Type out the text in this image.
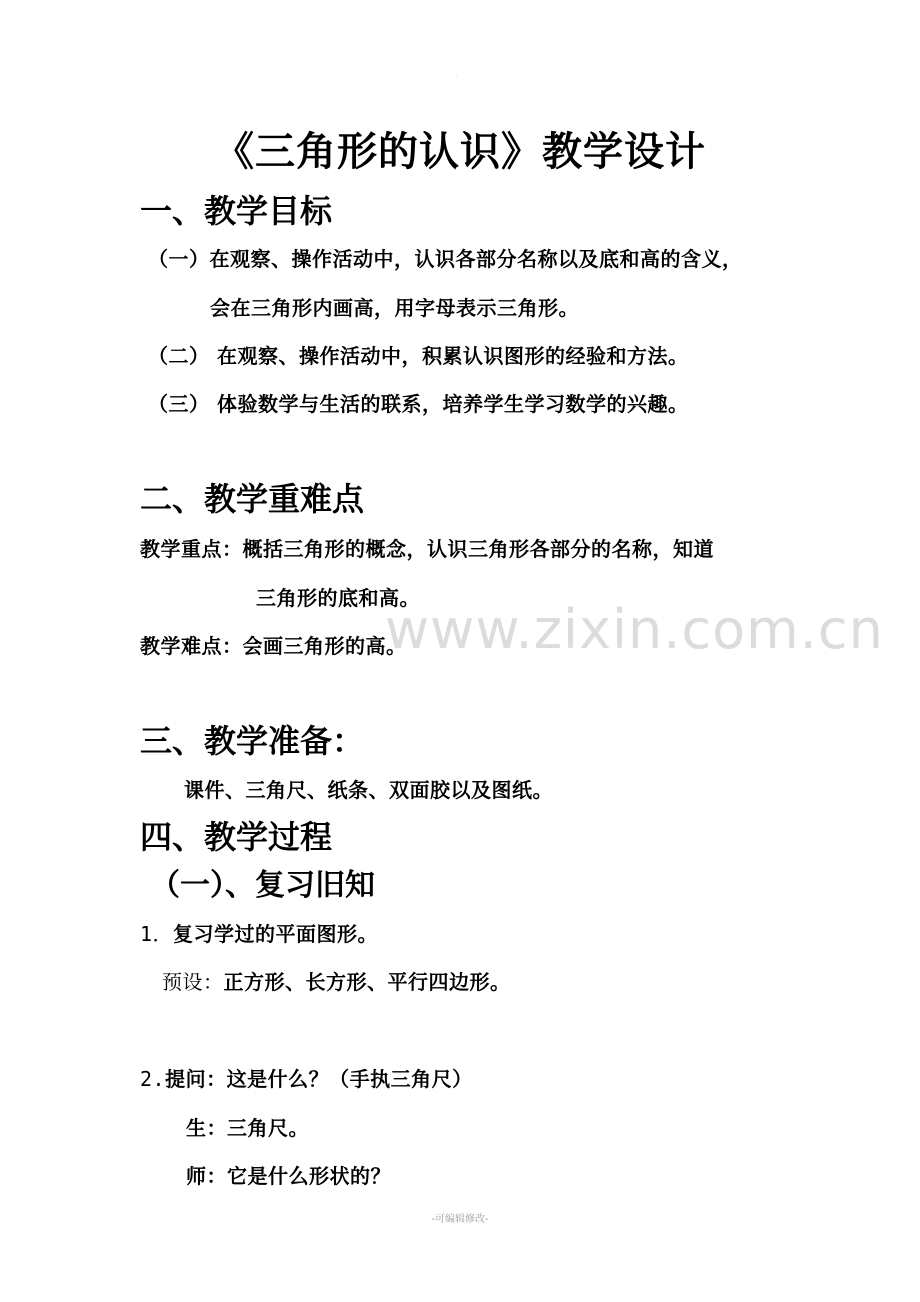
·
《三角形的认识》教学设计
一、教学目标
（一）在观察、操作活动中，认识各部分名称以及底和高的含义，
会在三角形内画高，用字母表示三角形。
（二） 在观察、操作活动中，积累认识图形的经验和方法。
（三） 体验数学与生活的联系，培养学生学习数学的兴趣。
二、教学重难点
教学重点：概括三角形的概念，认识三角形各部分的名称，知道
三角形的底和高。
www.zixin.com.cn
教学难点：会画三角形的高。
三、教学准备：
课件、三角尺、纸条、双面胶以及图纸。
四、教学过程
（一）、复习旧知
1．复习学过的平面图形。
预设：正方形、长方形、平行四边形。
2.提问：这是什么？（手执三角尺）
生：三角尺。
师：它是什么形状的？
-可编辑修改-
